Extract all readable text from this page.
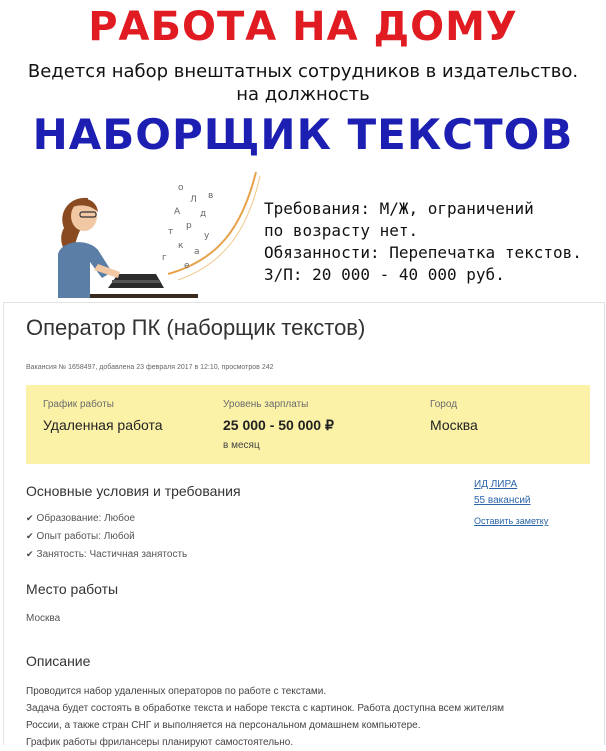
РАБОТА НА ДОМУ
Ведется набор внештатных сотрудников в издательство.
на должность
НАБОРЩИК ТЕКСТОВ
о
Л
А д
р
т	у
к
а
г
е
в
Требования: М/Ж, ограничений
по возрасту нет.
Обязанности: Перепечатка текстов.
З/П: 20 000 - 40 000 руб.
Оператор ПК (наборщик текстов)
Вакансия № 1658497, добавлена 23 февраля 2017 в 12:10, просмотров 242
График работы
Удаленная работа
Уровень зарплаты
25 000 - 50 000 ₽
в месяц
Город
Москва
Основные условия и требования
✔ Образование: Любое
✔ Опыт работы: Любой
✔ Занятость: Частичная занятость
ИД ЛИРА
55 вакансий
Оставить заметку
Место работы
Москва
Описание
Проводится набор удаленных операторов по работе с текстами.
Задача будет состоять в обработке текста и наборе текста с картинок. Работа доступна всем жителям
России, а также стран СНГ и выполняется на персональном домашнем компьютере.
График работы фрилансеры планируют самостоятельно.
